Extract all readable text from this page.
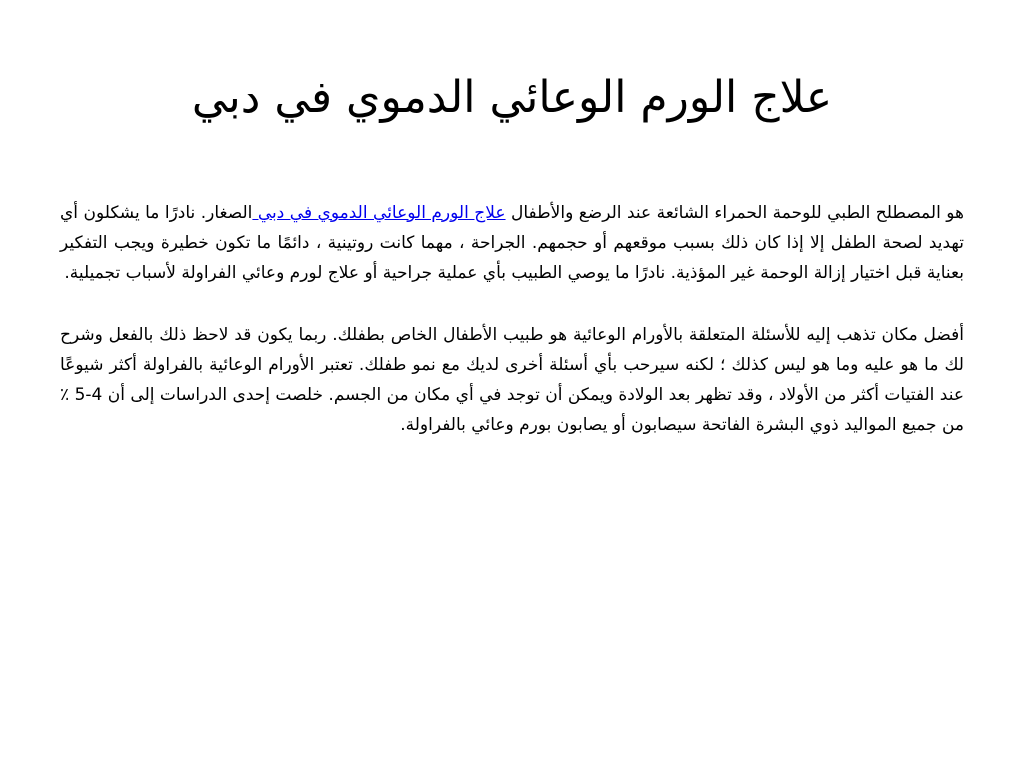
علاج الورم الوعائي الدموي في دبي

هو المصطلح الطبي للوحمة الحمراء الشائعة عند الرضع والأطفال علاج الورم الوعائي الدموي في دبي الصغار. نادرًا ما يشكلون أي تهديد لصحة الطفل إلا إذا كان ذلك بسبب موقعهم أو حجمهم. الجراحة ، مهما كانت روتينية ، دائمًا ما تكون خطيرة ويجب التفكير بعناية قبل اختيار إزالة الوحمة غير المؤذية. نادرًا ما يوصي الطبيب بأي عملية جراحية أو علاج لورم وعائي الفراولة لأسباب تجميلية.

أفضل مكان تذهب إليه للأسئلة المتعلقة بالأورام الوعائية هو طبيب الأطفال الخاص بطفلك. ربما يكون قد لاحظ ذلك بالفعل وشرح لك ما هو عليه وما هو ليس كذلك ؛ لكنه سيرحب بأي أسئلة أخرى لديك مع نمو طفلك. تعتبر الأورام الوعائية بالفراولة أكثر شيوعًا عند الفتيات أكثر من الأولاد ، وقد تظهر بعد الولادة ويمكن أن توجد في أي مكان من الجسم. خلصت إحدى الدراسات إلى أن 4-5 ٪ من جميع المواليد ذوي البشرة الفاتحة سيصابون أو يصابون بورم وعائي بالفراولة.
